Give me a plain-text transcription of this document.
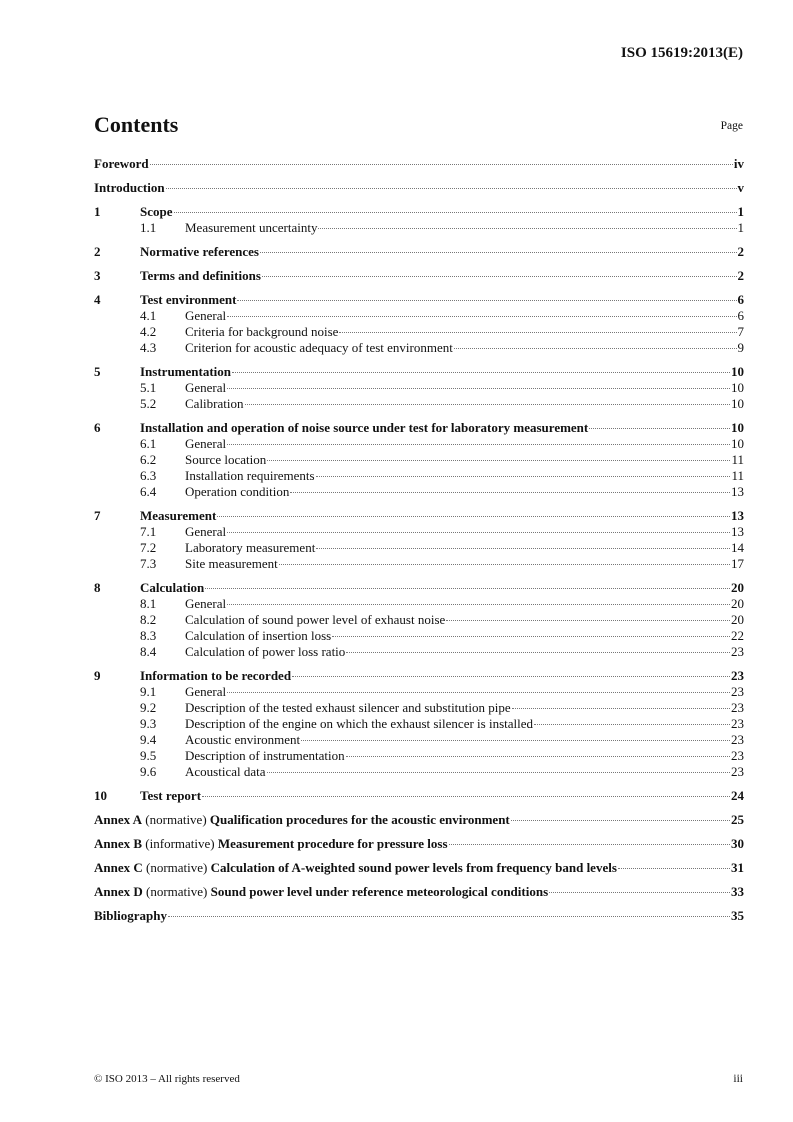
ISO 15619:2013(E)
Contents	Page
Foreword	iv
Introduction	v
1	Scope	1
1.1	Measurement uncertainty	1
2	Normative references	2
3	Terms and definitions	2
4	Test environment	6
4.1	General	6
4.2	Criteria for background noise	7
4.3	Criterion for acoustic adequacy of test environment	9
5	Instrumentation	10
5.1	General	10
5.2	Calibration	10
6	Installation and operation of noise source under test for laboratory measurement	10
6.1	General	10
6.2	Source location	11
6.3	Installation requirements	11
6.4	Operation condition	13
7	Measurement	13
7.1	General	13
7.2	Laboratory measurement	14
7.3	Site measurement	17
8	Calculation	20
8.1	General	20
8.2	Calculation of sound power level of exhaust noise	20
8.3	Calculation of insertion loss	22
8.4	Calculation of power loss ratio	23
9	Information to be recorded	23
9.1	General	23
9.2	Description of the tested exhaust silencer and substitution pipe	23
9.3	Description of the engine on which the exhaust silencer is installed	23
9.4	Acoustic environment	23
9.5	Description of instrumentation	23
9.6	Acoustical data	23
10	Test report	24
Annex A (normative) Qualification procedures for the acoustic environment	25
Annex B (informative) Measurement procedure for pressure loss	30
Annex C (normative) Calculation of A-weighted sound power levels from frequency band levels	31
Annex D (normative) Sound power level under reference meteorological conditions	33
Bibliography	35
© ISO 2013 – All rights reserved	iii
